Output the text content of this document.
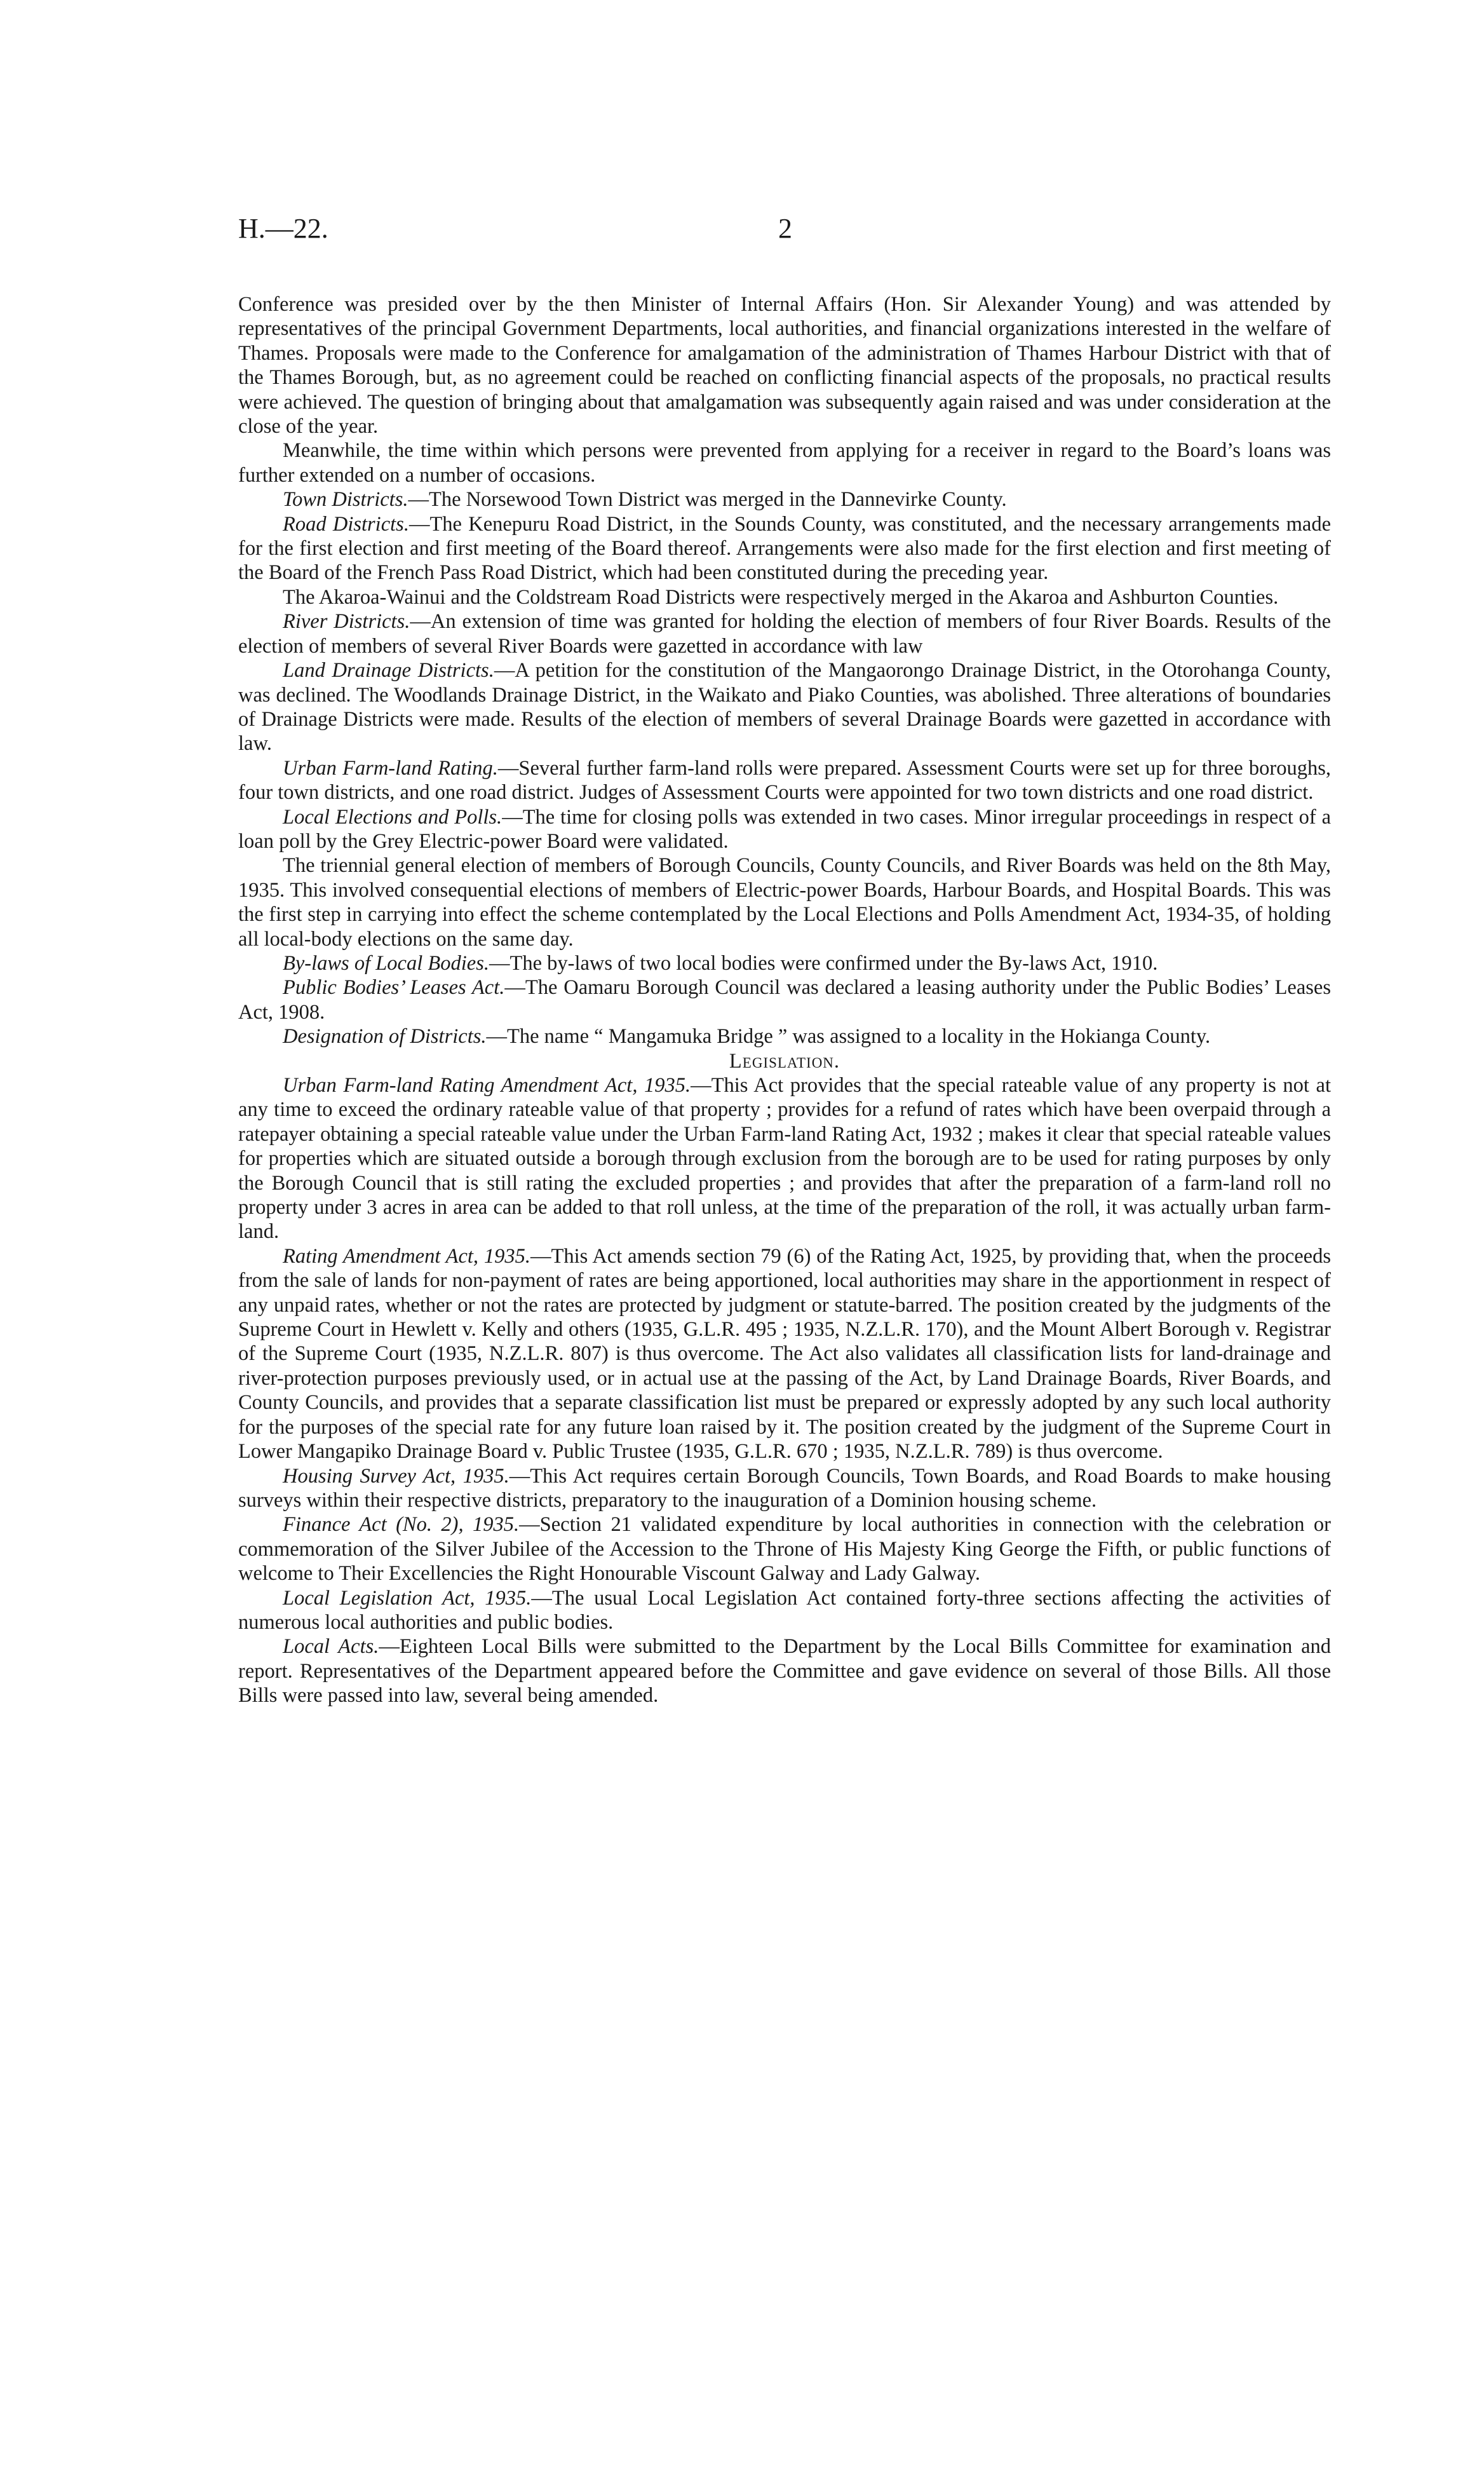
H.—22.	2

Conference was presided over by the then Minister of Internal Affairs (Hon. Sir Alexander Young) and was attended by representatives of the principal Government Departments, local authorities, and financial organizations interested in the welfare of Thames. Proposals were made to the Conference for amalgamation of the administration of Thames Harbour District with that of the Thames Borough, but, as no agreement could be reached on conflicting financial aspects of the proposals, no practical results were achieved. The question of bringing about that amalgamation was subsequently again raised and was under consideration at the close of the year.

Meanwhile, the time within which persons were prevented from applying for a receiver in regard to the Board’s loans was further extended on a number of occasions.

Town Districts.—The Norsewood Town District was merged in the Dannevirke County.

Road Districts.—The Kenepuru Road District, in the Sounds County, was constituted, and the necessary arrangements made for the first election and first meeting of the Board thereof. Arrangements were also made for the first election and first meeting of the Board of the French Pass Road District, which had been constituted during the preceding year.

The Akaroa-Wainui and the Coldstream Road Districts were respectively merged in the Akaroa and Ashburton Counties.

River Districts.—An extension of time was granted for holding the election of members of four River Boards. Results of the election of members of several River Boards were gazetted in accordance with law

Land Drainage Districts.—A petition for the constitution of the Mangaorongo Drainage District, in the Otorohanga County, was declined. The Woodlands Drainage District, in the Waikato and Piako Counties, was abolished. Three alterations of boundaries of Drainage Districts were made. Results of the election of members of several Drainage Boards were gazetted in accordance with law.

Urban Farm-land Rating.—Several further farm-land rolls were prepared. Assessment Courts were set up for three boroughs, four town districts, and one road district. Judges of Assessment Courts were appointed for two town districts and one road district.

Local Elections and Polls.—The time for closing polls was extended in two cases. Minor irregular proceedings in respect of a loan poll by the Grey Electric-power Board were validated.

The triennial general election of members of Borough Councils, County Councils, and River Boards was held on the 8th May, 1935. This involved consequential elections of members of Electric-power Boards, Harbour Boards, and Hospital Boards. This was the first step in carrying into effect the scheme contemplated by the Local Elections and Polls Amendment Act, 1934-35, of holding all local-body elections on the same day.

By-laws of Local Bodies.—The by-laws of two local bodies were confirmed under the By-laws Act, 1910.

Public Bodies’ Leases Act.—The Oamaru Borough Council was declared a leasing authority under the Public Bodies’ Leases Act, 1908.

Designation of Districts.—The name “ Mangamuka Bridge ” was assigned to a locality in the Hokianga County.

Legislation.

Urban Farm-land Rating Amendment Act, 1935.—This Act provides that the special rateable value of any property is not at any time to exceed the ordinary rateable value of that property ; provides for a refund of rates which have been overpaid through a ratepayer obtaining a special rateable value under the Urban Farm-land Rating Act, 1932 ; makes it clear that special rateable values for properties which are situated outside a borough through exclusion from the borough are to be used for rating purposes by only the Borough Council that is still rating the excluded properties ; and provides that after the preparation of a farm-land roll no property under 3 acres in area can be added to that roll unless, at the time of the preparation of the roll, it was actually urban farm-land.

Rating Amendment Act, 1935.—This Act amends section 79 (6) of the Rating Act, 1925, by providing that, when the proceeds from the sale of lands for non-payment of rates are being apportioned, local authorities may share in the apportionment in respect of any unpaid rates, whether or not the rates are protected by judgment or statute-barred. The position created by the judgments of the Supreme Court in Hewlett v. Kelly and others (1935, G.L.R. 495 ; 1935, N.Z.L.R. 170), and the Mount Albert Borough v. Registrar of the Supreme Court (1935, N.Z.L.R. 807) is thus overcome. The Act also validates all classification lists for land-drainage and river-protection purposes previously used, or in actual use at the passing of the Act, by Land Drainage Boards, River Boards, and County Councils, and provides that a separate classification list must be prepared or expressly adopted by any such local authority for the purposes of the special rate for any future loan raised by it. The position created by the judgment of the Supreme Court in Lower Mangapiko Drainage Board v. Public Trustee (1935, G.L.R. 670 ; 1935, N.Z.L.R. 789) is thus overcome.

Housing Survey Act, 1935.—This Act requires certain Borough Councils, Town Boards, and Road Boards to make housing surveys within their respective districts, preparatory to the inauguration of a Dominion housing scheme.

Finance Act (No. 2), 1935.—Section 21 validated expenditure by local authorities in connection with the celebration or commemoration of the Silver Jubilee of the Accession to the Throne of His Majesty King George the Fifth, or public functions of welcome to Their Excellencies the Right Honourable Viscount Galway and Lady Galway.

Local Legislation Act, 1935.—The usual Local Legislation Act contained forty-three sections affecting the activities of numerous local authorities and public bodies.

Local Acts.—Eighteen Local Bills were submitted to the Department by the Local Bills Committee for examination and report. Representatives of the Department appeared before the Committee and gave evidence on several of those Bills. All those Bills were passed into law, several being amended.
